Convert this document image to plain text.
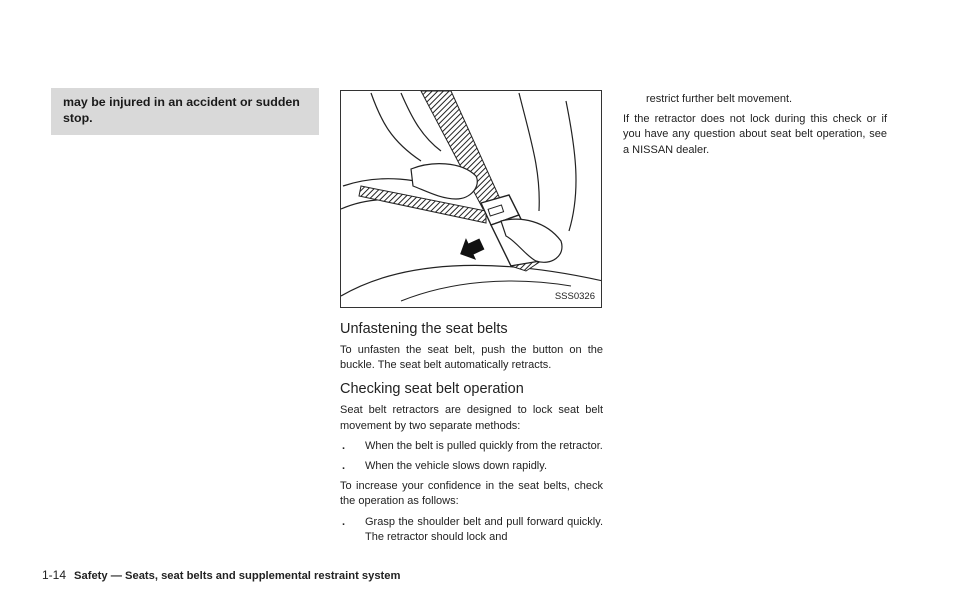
may be injured in an accident or sudden stop.
SSS0326
Unfastening the seat belts

To unfasten the seat belt, push the button on the buckle. The seat belt automatically retracts.

Checking seat belt operation

Seat belt retractors are designed to lock seat belt movement by two separate methods:

.	When the belt is pulled quickly from the retractor.
.	When the vehicle slows down rapidly.

To increase your confidence in the seat belts, check the operation as follows:

.	Grasp the shoulder belt and pull forward quickly. The retractor should lock and

restrict further belt movement.

If the retractor does not lock during this check or if you have any question about seat belt operation, see a NISSAN dealer.

1-14 Safety — Seats, seat belts and supplemental restraint system
